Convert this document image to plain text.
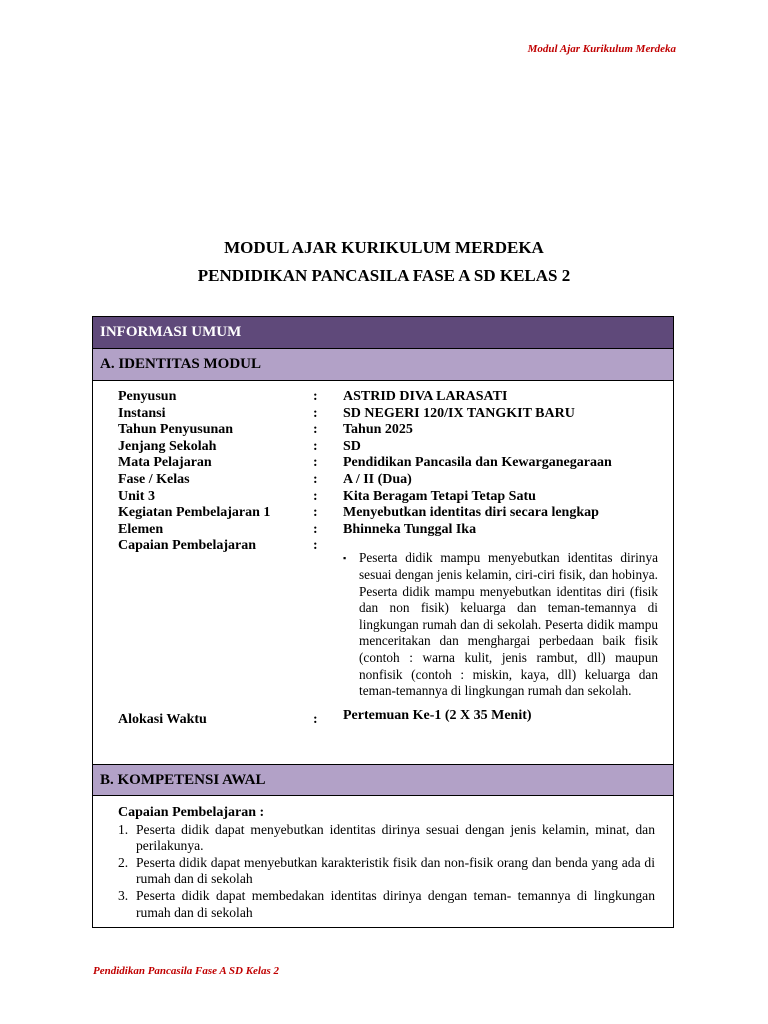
Modul Ajar Kurikulum Merdeka
MODUL AJAR KURIKULUM MERDEKA
PENDIDIKAN PANCASILA FASE A SD KELAS 2
INFORMASI UMUM
A. IDENTITAS MODUL
Penyusun	:	ASTRID DIVA LARASATI
Instansi	:	SD NEGERI 120/IX TANGKIT BARU
Tahun Penyusunan	:	Tahun 2025
Jenjang Sekolah	:	SD
Mata Pelajaran	:	Pendidikan Pancasila dan Kewarganegaraan
Fase / Kelas	:	A / II (Dua)
Unit 3	:	Kita Beragam Tetapi Tetap Satu
Kegiatan Pembelajaran 1	:	Menyebutkan identitas diri secara lengkap
Elemen	:	Bhinneka Tunggal Ika
Capaian Pembelajaran	:
▪ Peserta didik mampu menyebutkan identitas dirinya sesuai dengan jenis kelamin, ciri-ciri fisik, dan hobinya. Peserta didik mampu menyebutkan identitas diri (fisik dan non fisik) keluarga dan teman-temannya di lingkungan rumah dan di sekolah. Peserta didik mampu menceritakan dan menghargai perbedaan baik fisik (contoh : warna kulit, jenis rambut, dll) maupun nonfisik (contoh : miskin, kaya, dll) keluarga dan teman-temannya di lingkungan rumah dan sekolah.
Alokasi Waktu	:	Pertemuan Ke-1 (2 X 35 Menit)
B. KOMPETENSI AWAL
Capaian Pembelajaran :
1. Peserta didik dapat menyebutkan identitas dirinya sesuai dengan jenis kelamin, minat, dan perilakunya.
2. Peserta didik dapat menyebutkan karakteristik fisik dan non-fisik orang dan benda yang ada di rumah dan di sekolah
3. Peserta didik dapat membedakan identitas dirinya dengan teman- temannya di lingkungan rumah dan di sekolah
Pendidikan Pancasila Fase A SD Kelas 2
